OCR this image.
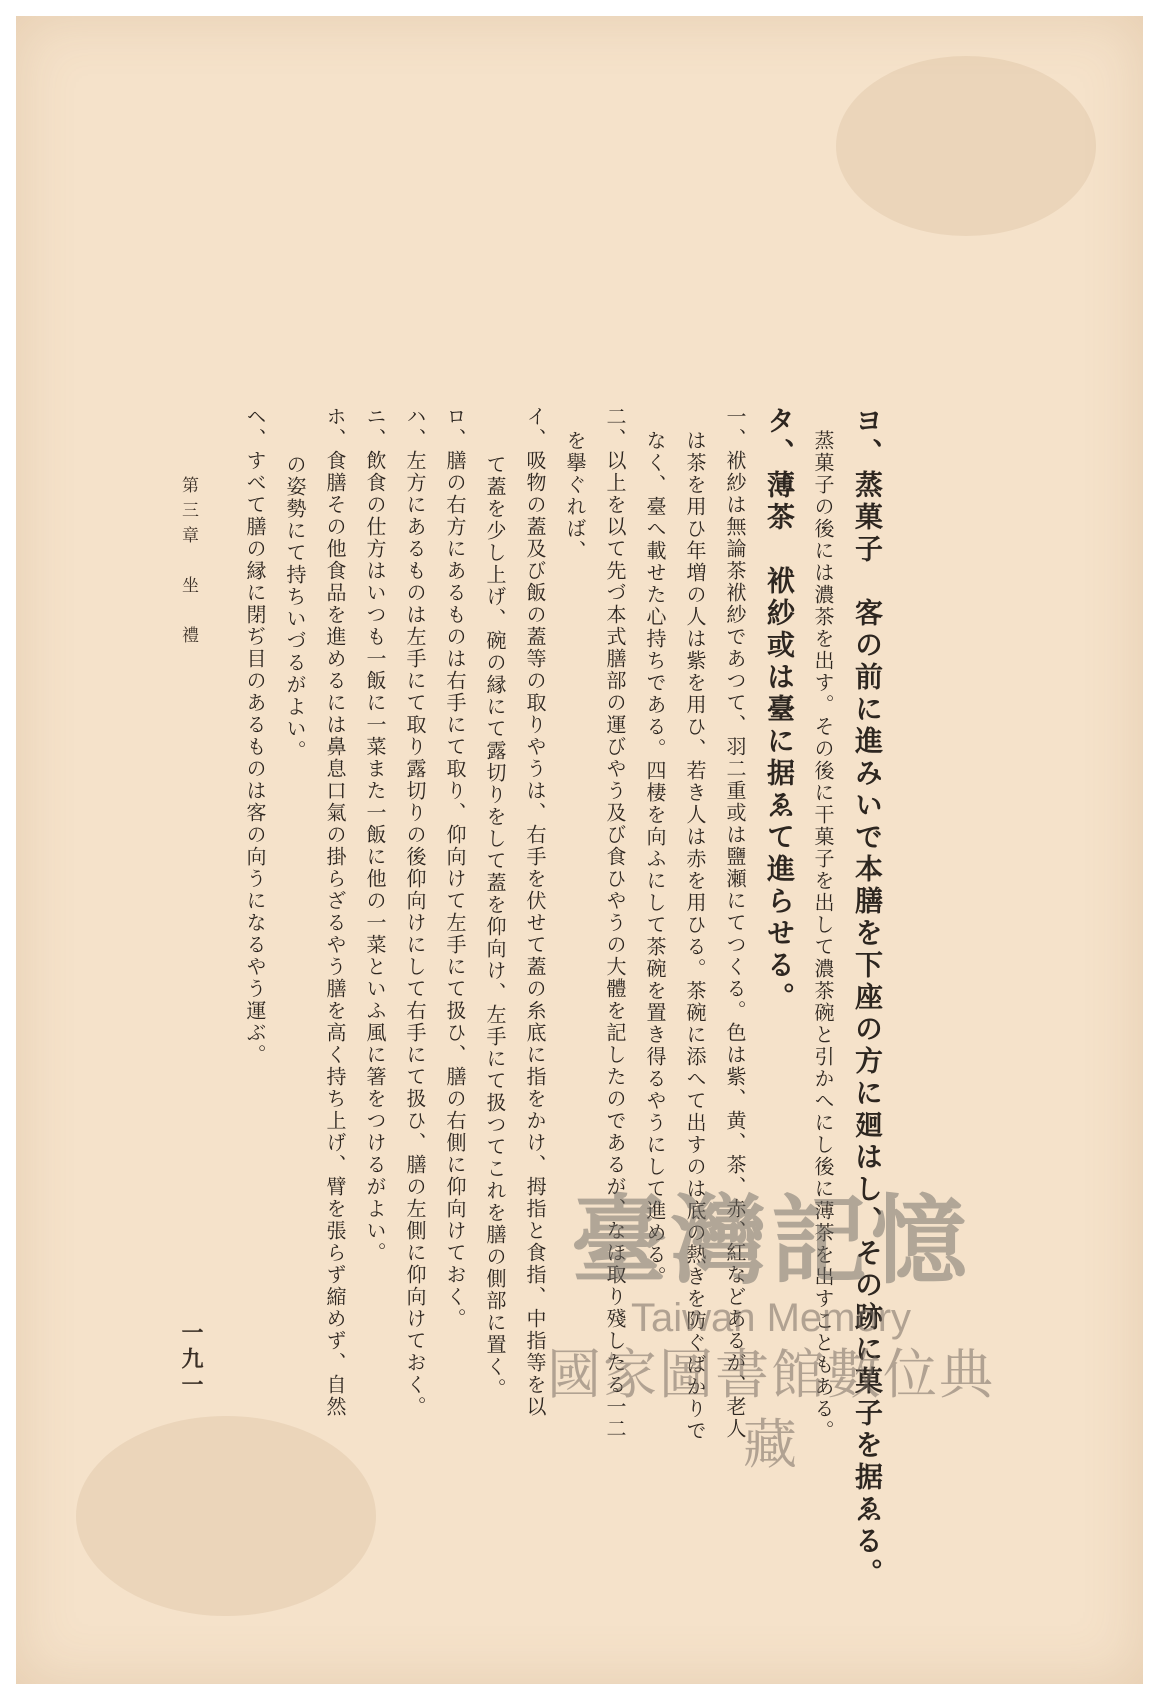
ヨ、蒸菓子　客の前に進みいで本膳を下座の方に廻はし、その跡に菓子を据ゑる。
蒸菓子の後には濃茶を出す。その後に干菓子を出して濃茶碗と引かへにし後に薄茶を出すこともある。
タ、薄茶　袱紗或は臺に据ゑて進らせる。
一、袱紗は無論茶袱紗であつて、羽二重或は鹽瀬にてつくる。色は紫、黄、茶、赤、紅などあるが、老人
は茶を用ひ年増の人は紫を用ひ、若き人は赤を用ひる。茶碗に添へて出すのは底の熱きを防ぐばかりで
なく、臺へ載せた心持ちである。四棲を向ふにして茶碗を置き得るやうにして進める。
二、以上を以て先づ本式膳部の運びやう及び食ひやうの大體を記したのであるが、なほ取り殘したる一二
を擧ぐれば、
イ、吸物の蓋及び飯の蓋等の取りやうは、右手を伏せて蓋の糸底に指をかけ、拇指と食指、中指等を以
て蓋を少し上げ、碗の縁にて露切りをして蓋を仰向け、左手にて扱つてこれを膳の側部に置く。
ロ、膳の右方にあるものは右手にて取り、仰向けて左手にて扱ひ、膳の右側に仰向けておく。
ハ、左方にあるものは左手にて取り露切りの後仰向けにして右手にて扱ひ、膳の左側に仰向けておく。
ニ、飲食の仕方はいつも一飯に一菜また一飯に他の一菜といふ風に箸をつけるがよい。
ホ、食膳その他食品を進めるには鼻息口氣の掛らざるやう膳を高く持ち上げ、臂を張らず縮めず、自然
の姿勢にて持ちいづるがよい。
ヘ、すべて膳の縁に閉ぢ目のあるものは客の向うになるやう運ぶ。
第三章　坐　禮
一九一
臺灣記憶
Taiwan Memory
國家圖書館數位典藏
